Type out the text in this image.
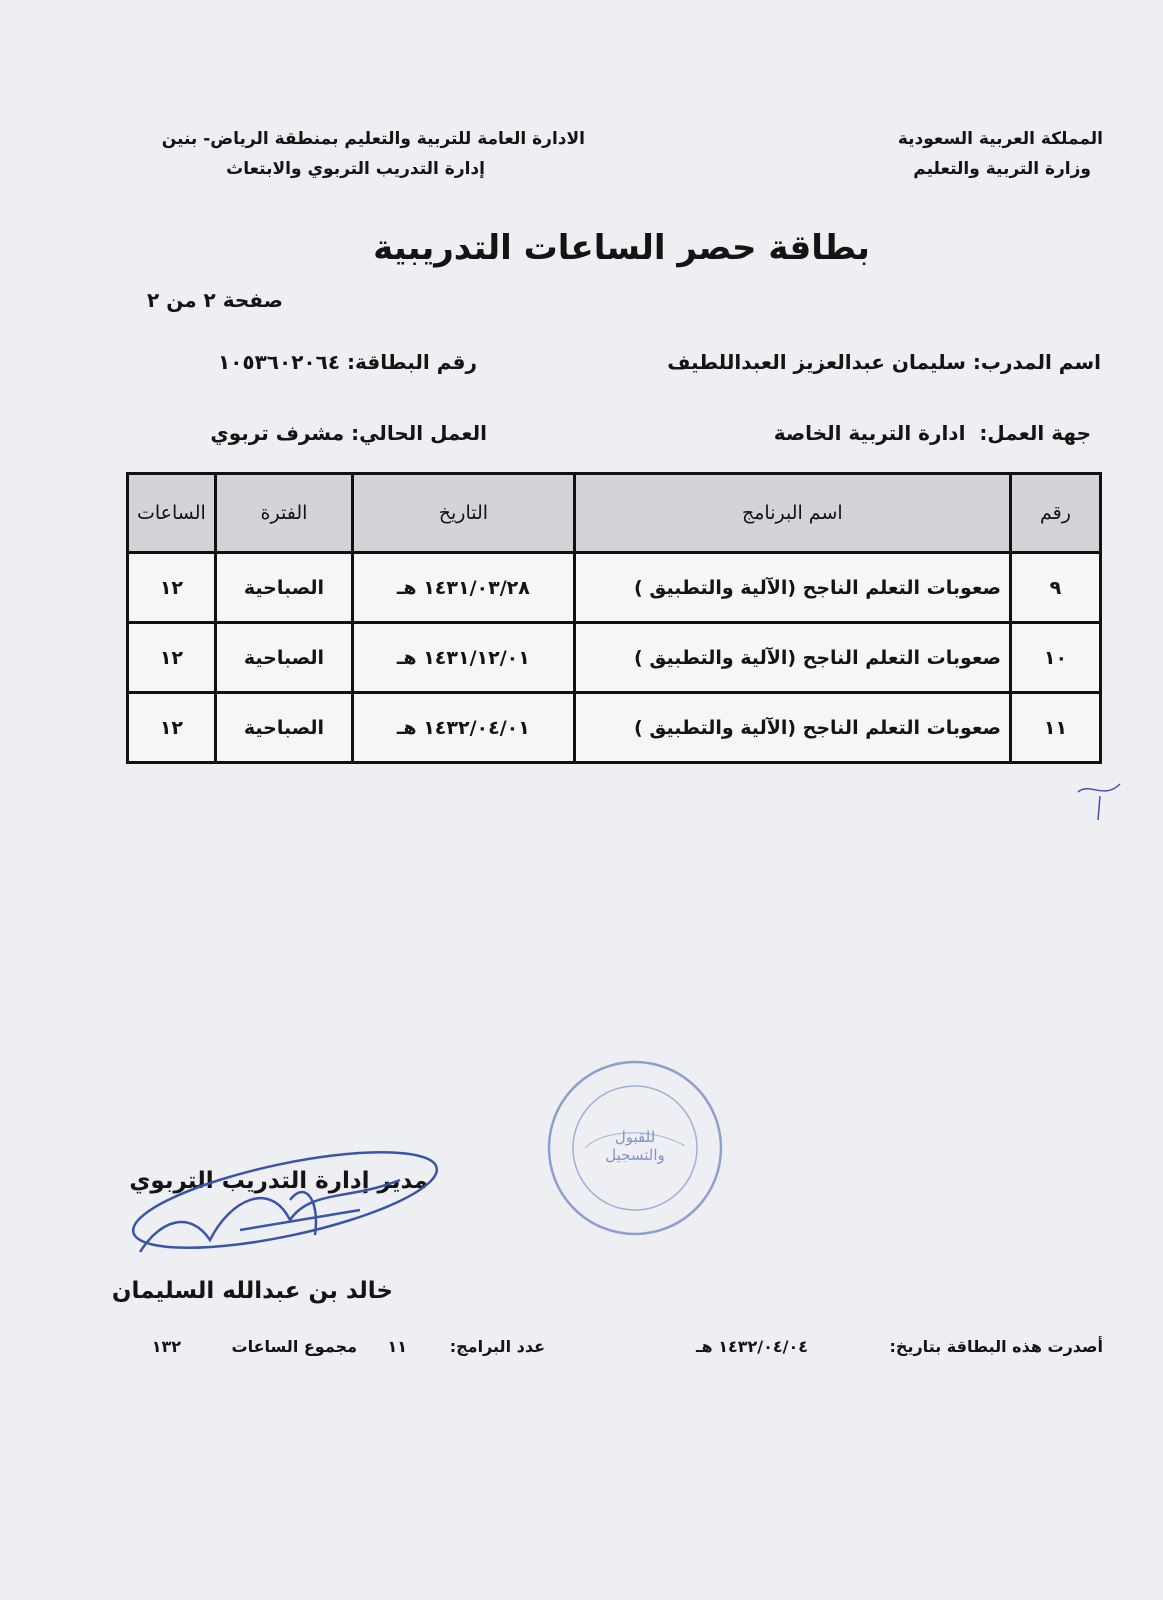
المملكة العربية السعودية
وزارة التربية والتعليم
الادارة العامة للتربية والتعليم بمنطقة الرياض- بنين
إدارة التدريب التربوي والابتعاث
بطاقة حصر الساعات التدريبية
صفحة ٢ من ٢
اسم المدرب: سليمان عبدالعزيز العبداللطيف
رقم البطاقة: ١٠٥٣٦٠٢٠٦٤
جهة العمل:  ادارة التربية الخاصة
العمل الحالي: مشرف تربوي
رقم	اسم البرنامج	التاريخ	الفترة	الساعات
٩	صعوبات التعلم الناجح (الآلية والتطبيق )	١٤٣١/٠٣/٢٨ هـ	الصباحية	١٢
١٠	صعوبات التعلم الناجح (الآلية والتطبيق )	١٤٣١/١٢/٠١ هـ	الصباحية	١٢
١١	صعوبات التعلم الناجح (الآلية والتطبيق )	١٤٣٢/٠٤/٠١ هـ	الصباحية	١٢
للقبول والتسجيل
مدير إدارة التدريب التربوي
خالد بن عبدالله السليمان
أصدرت هذه البطاقة بتاريخ:
١٤٣٢/٠٤/٠٤ هـ
عدد البرامج:
١١
مجموع الساعات
١٣٢
